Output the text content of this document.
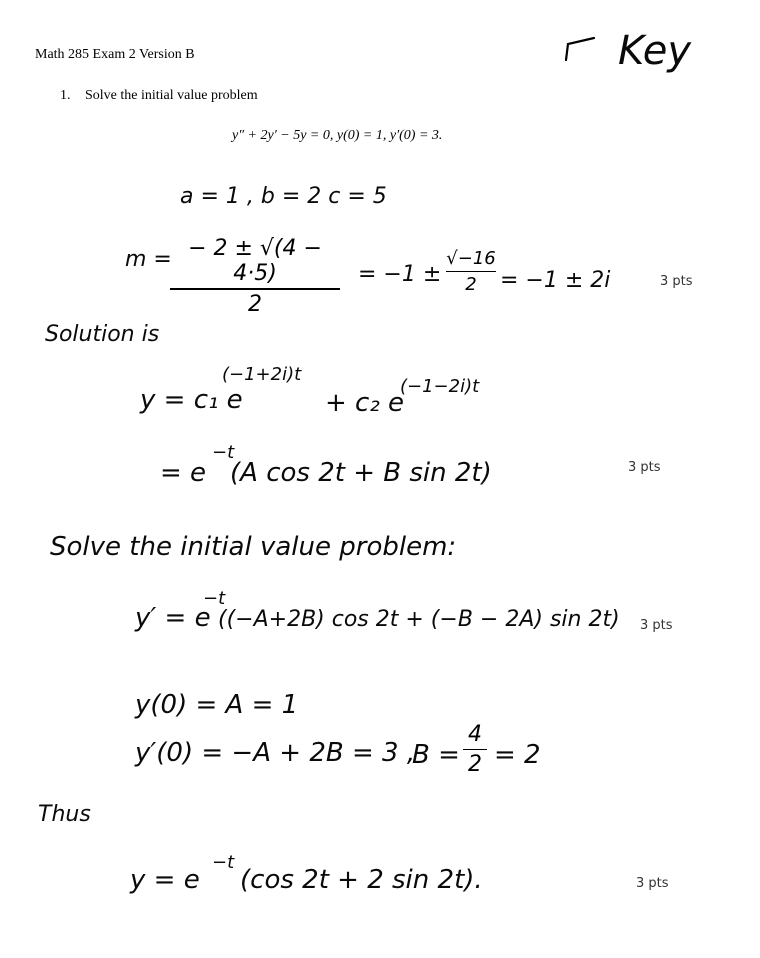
Math 285 Exam 2 Version B	Key
1. Solve the initial value problem
y″ + 2y′ − 5y = 0, y(0) = 1, y′(0) = 3.
a = 1 , b = 2 c = 5
m = − 2 ± √(4 − 4·5)
2
= −1 ±
√−16
2	= −1 ± 2i	3 pts
Solution is
y = c₁ e
(−1+2i)t
+ c₂ e
(−1−2i)t
= e
−t
(A cos 2t + B sin 2t)	3 pts
Solve the initial value problem:
y′ = e
−t
((−A+2B) cos 2t + (−B − 2A) sin 2t) 3 pts
y(0) = A = 1
y′(0) = −A + 2B = 3 ,
B =
4
2 = 2
Thus
y = e
−t
(cos 2t + 2 sin 2t).	3 pts
